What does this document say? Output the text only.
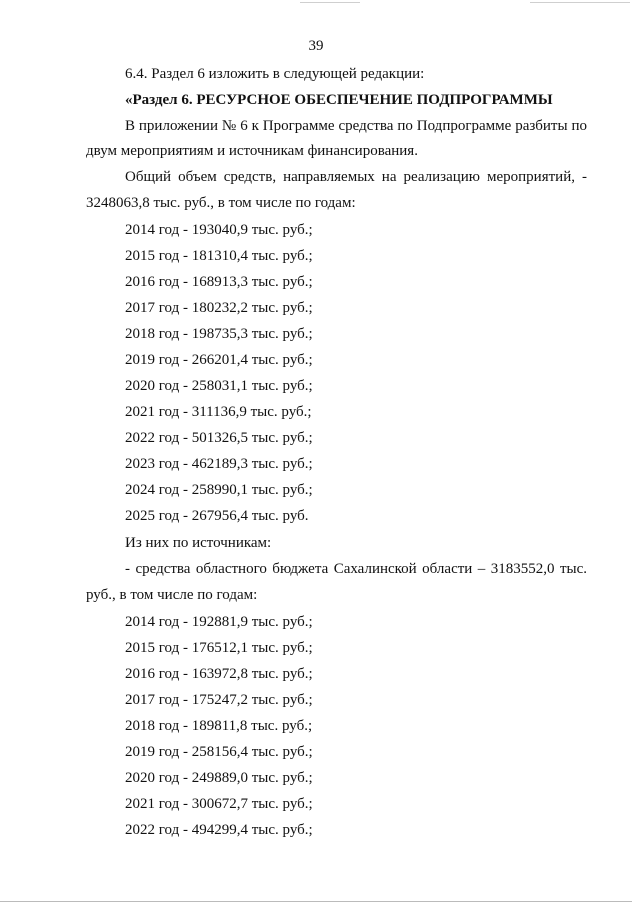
39
6.4. Раздел 6 изложить в следующей редакции:
«Раздел 6. РЕСУРСНОЕ ОБЕСПЕЧЕНИЕ ПОДПРОГРАММЫ
В приложении № 6 к Программе средства по Подпрограмме разбиты по
двум мероприятиям и источникам финансирования.
Общий объем средств, направляемых на реализацию мероприятий, -
3248063,8 тыс. руб., в том числе по годам:
2014 год - 193040,9 тыс. руб.;
2015 год - 181310,4 тыс. руб.;
2016 год - 168913,3 тыс. руб.;
2017 год - 180232,2 тыс. руб.;
2018 год - 198735,3 тыс. руб.;
2019 год - 266201,4 тыс. руб.;
2020 год - 258031,1 тыс. руб.;
2021 год - 311136,9 тыс. руб.;
2022 год - 501326,5 тыс. руб.;
2023 год - 462189,3 тыс. руб.;
2024 год - 258990,1 тыс. руб.;
2025 год - 267956,4 тыс. руб.
Из них по источникам:
- средства областного бюджета Сахалинской области – 3183552,0 тыс.
руб., в том числе по годам:
2014 год - 192881,9 тыс. руб.;
2015 год - 176512,1 тыс. руб.;
2016 год - 163972,8 тыс. руб.;
2017 год - 175247,2 тыс. руб.;
2018 год - 189811,8 тыс. руб.;
2019 год - 258156,4 тыс. руб.;
2020 год - 249889,0 тыс. руб.;
2021 год - 300672,7 тыс. руб.;
2022 год - 494299,4 тыс. руб.;
